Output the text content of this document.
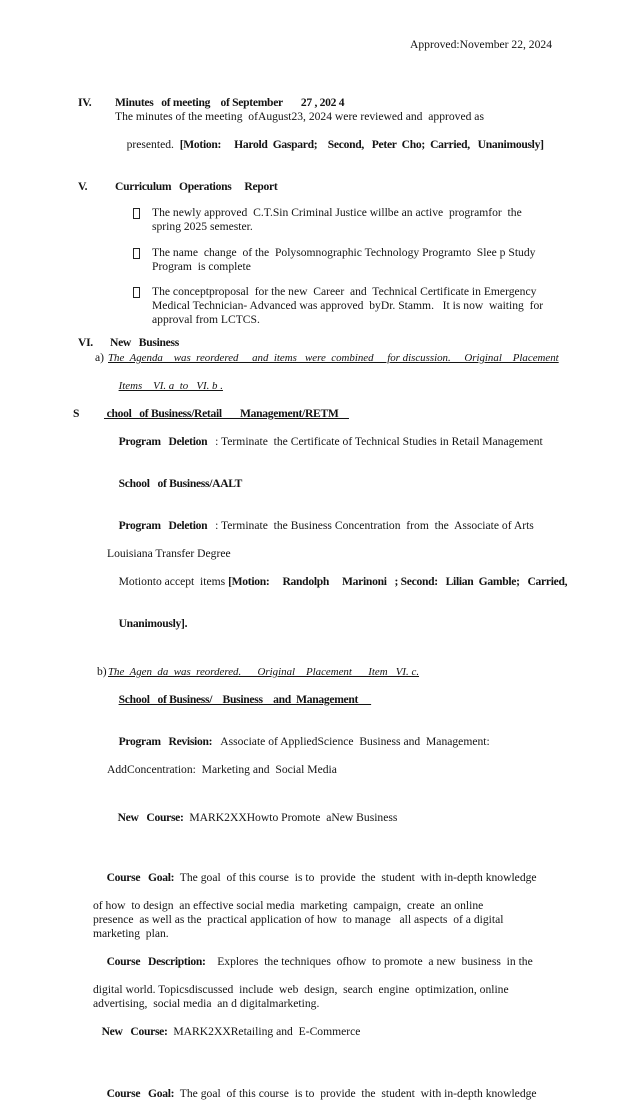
Approved:November 22, 2024
IV.	Minutes   of meeting    of September       27 , 202 4
The minutes of the meeting  ofAugust23, 2024 were reviewed and  approved as

presented.  [Motion:     Harold  Gaspard;    Second,   Peter  Cho;  Carried,   Unanimously]

V.	Curriculum   Operations     Report
The newly approved  C.T.Sin Criminal Justice willbe an active  programfor  the
spring 2025 semester.
The name  change  of the  Polysomnographic Technology Programto  Slee p Study
Program  is complete
The conceptproposal  for the new  Career  and  Technical Certificate in Emergency
Medical Technician- Advanced was approved  byDr. Stamm.   It is now  waiting  for
approval from LCTCS.
VI.	New   Business
a) The  Agenda    was  reordered     and  items   were  combined     for discussion.     Original    Placement

Items    VI. a  to   VI. b .

S	chool   of Business/Retail       Management/RETM

Program   Deletion   : Terminate  the Certificate of Technical Studies in Retail Management

School   of Business/AALT

Program   Deletion   : Terminate  the Business Concentration  from  the  Associate of Arts

Louisiana Transfer Degree

Motionto accept  items [Motion:     Randolph     Marinoni   ; Second:   Lilian  Gamble;   Carried,

Unanimously].

b) The  Agen  da  was  reordered.      Original    Placement      Item   VI. c.

School   of Business/    Business    and  Management

Program   Revision:   Associate of AppliedScience  Business and  Management:

AddConcentration:  Marketing and  Social Media

New   Course:  MARK2XXHowto Promote  aNew Business

Course   Goal:  The goal  of this course  is to  provide  the  student  with in-depth knowledge

of how  to design  an effective social media  marketing  campaign,  create  an online
presence  as well as the  practical application of how  to manage   all aspects  of a digital
marketing  plan.

Course   Description:    Explores  the techniques  ofhow  to promote  a new  business  in the

digital world. Topicsdiscussed  include  web  design,  search  engine  optimization, online
advertising,  social media  an d digitalmarketing.

New   Course:  MARK2XXRetailing and  E-Commerce

Course   Goal:  The goal  of this course  is to  provide  the  student  with in-depth knowledge
